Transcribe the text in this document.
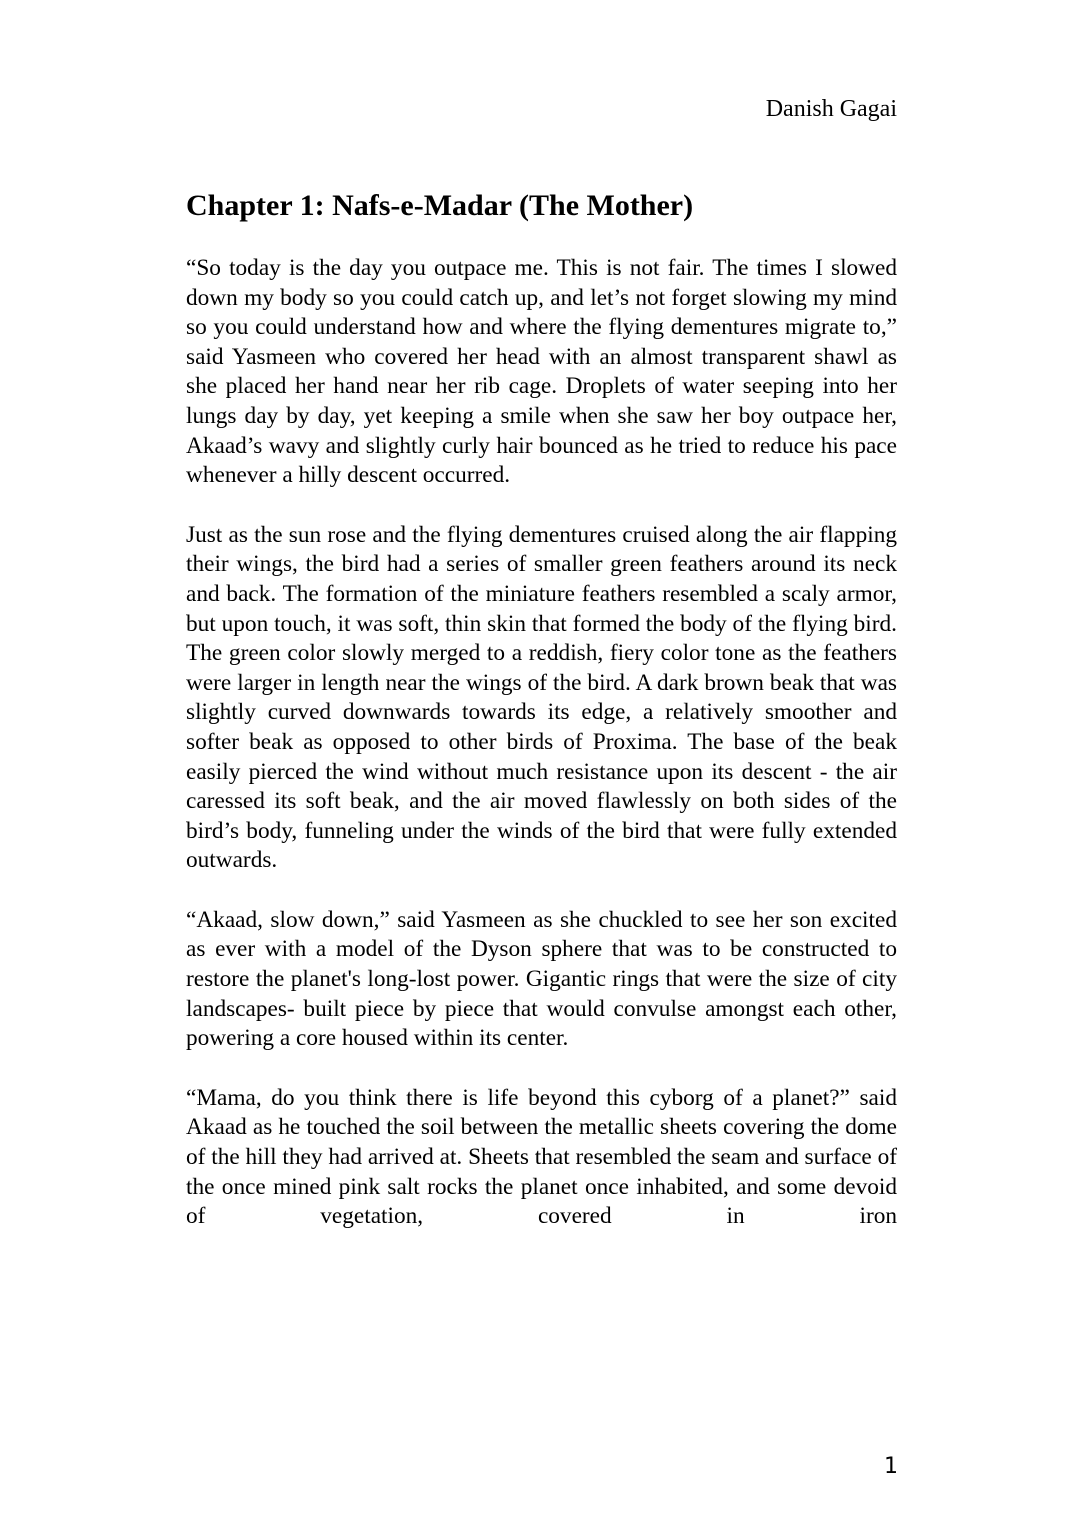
Danish Gagai
Chapter 1: Nafs-e-Madar (The Mother)

“So today is the day you outpace me. This is not fair. The times I slowed down my body so you could catch up, and let’s not forget slowing my mind so you could understand how and where the flying dementures migrate to,” said Yasmeen who covered her head with an almost transparent shawl as she placed her hand near her rib cage. Droplets of water seeping into her lungs day by day, yet keeping a smile when she saw her boy outpace her, Akaad’s wavy and slightly curly hair bounced as he tried to reduce his pace whenever a hilly descent occurred.

Just as the sun rose and the flying dementures cruised along the air flapping their wings, the bird had a series of smaller green feathers around its neck and back. The formation of the miniature feathers resembled a scaly armor, but upon touch, it was soft, thin skin that formed the body of the flying bird. The green color slowly merged to a reddish, fiery color tone as the feathers were larger in length near the wings of the bird. A dark brown beak that was slightly curved downwards towards its edge, a relatively smoother and softer beak as opposed to other birds of Proxima. The base of the beak easily pierced the wind without much resistance upon its descent - the air caressed its soft beak, and the air moved flawlessly on both sides of the bird’s body, funneling under the winds of the bird that were fully extended outwards.

“Akaad, slow down,” said Yasmeen as she chuckled to see her son excited as ever with a model of the Dyson sphere that was to be constructed to restore the planet's long-lost power. Gigantic rings that were the size of city landscapes- built piece by piece that would convulse amongst each other, powering a core housed within its center.

“Mama, do you think there is life beyond this cyborg of a planet?” said Akaad as he touched the soil between the metallic sheets covering the dome of the hill they had arrived at. Sheets that resembled the seam and surface of the once mined pink salt rocks the planet once inhabited, and some devoid of vegetation, covered in iron

1
